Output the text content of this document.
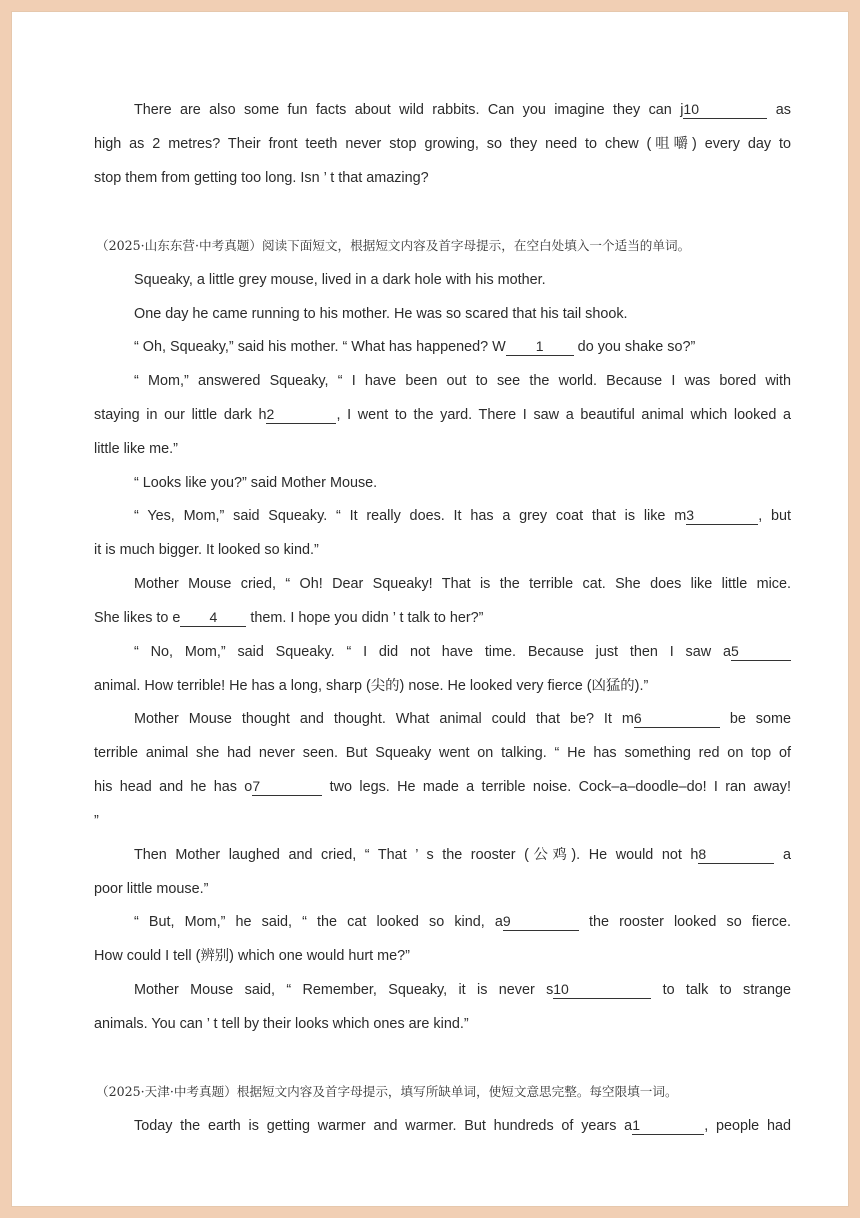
There are also some fun facts about wild rabbits. Can you imagine they can j10	as
high as 2 metres? Their front teeth never stop growing, so they need to chew (咀嚼) every day to
stop them from getting too long. Isn ’ t that amazing?
（2025·山东东营·中考真题）阅读下面短文，根据短文内容及首字母提示，在空白处填入一个适当的单词。
Squeaky, a little grey mouse, lived in a dark hole with his mother.
One day he came running to his mother. He was so scared that his tail shook.
“ Oh, Squeaky,” said his mother. “ What has happened? W 1 do you shake so?”
“ Mom,” answered Squeaky, “ I have been out to see the world. Because I was bored with
staying in our little dark h2	, I went to the yard. There I saw a beautiful animal which looked a
little like me.”
“ Looks like you?” said Mother Mouse.
“ Yes, Mom,” said Squeaky. “ It really does. It has a grey coat that is like m3	, but
it is much bigger. It looked so kind.”
Mother Mouse cried, “ Oh! Dear Squeaky! That is the terrible cat. She does like little mice.
She likes to e 4 them. I hope you didn ’ t talk to her?”
“ No, Mom,” said Squeaky. “ I did not have time. Because just then I saw a5
animal. How terrible! He has a long, sharp (尖的) nose. He looked very fierce (凶猛的).”
Mother Mouse thought and thought. What animal could that be? It m6	be some
terrible animal she had never seen. But Squeaky went on talking. “ He has something red on top of
his head and he has o7	two legs. He made a terrible noise. Cock–a–doodle–do! I ran away!
”
Then Mother laughed and cried, “ That ’ s the rooster (公鸡). He would not h8	a
poor little mouse.”
“ But, Mom,” he said, “ the cat looked so kind, a9	the rooster looked so fierce.
How could I tell (辨别) which one would hurt me?”
Mother Mouse said, “ Remember, Squeaky, it is never s10	to talk to strange
animals. You can ’ t tell by their looks which ones are kind.”
（2025·天津·中考真题）根据短文内容及首字母提示，填写所缺单词，使短文意思完整。每空限填一词。
Today the earth is getting warmer and warmer. But hundreds of years a1	, people had
